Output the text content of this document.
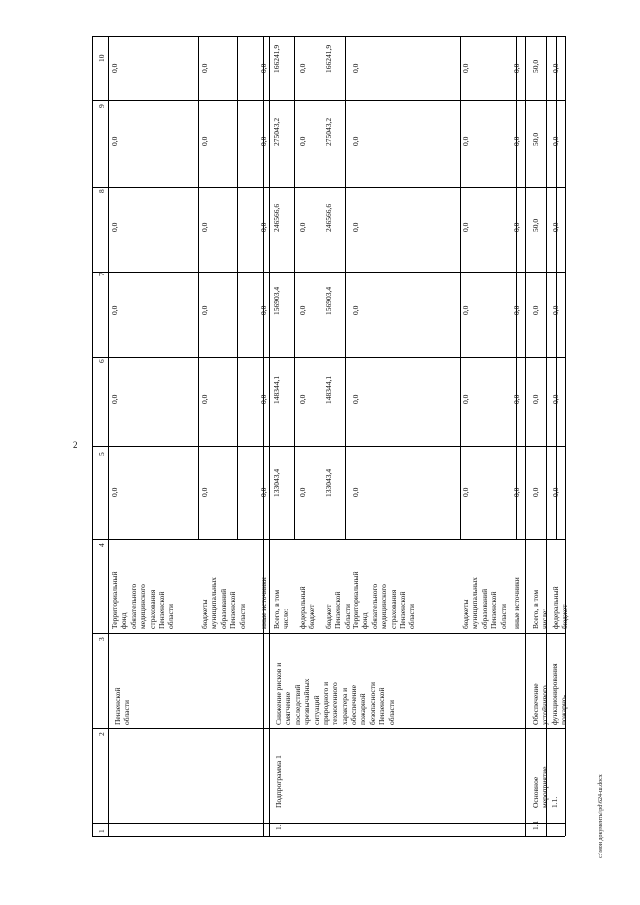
2
c:\мои документы\pd\624-ш.docx
1
2
3
4
5
6
7
8
9
10
Пензенской
области
Территориальный
фонд
обязательного
медицинского
страхования
Пензенской
области	бюджеты
муниципальных
образований
Пензенской
области иные источники
0,0
0,0
0,0
0,0
0,0
0,0
0,0
0,0
0,0
0,0
0,0
0,0
0,0
0,0
0,0
0,0
0,0
0,0
1.
Подпрограмма 1
Снижение рисков и
смягчение
последствий
чрезвычайных
ситуаций
природного и
техногенного
характера и
обеспечение
пожарной
безопасности
Пензенской
области
Всего, в том
числе: федеральный
бюджет бюджет
Пензенской
области Территориальный
фонд
обязательного
медицинского
страхования
Пензенской
области	бюджеты
муниципальных
образований
Пензенской
области иные источники
133043,4
148344,1
156903,4
246566,6
275043,2
166241,9
0,0
0,0
0,0
0,0
0,0
0,0
133043,4
148344,1
156903,4
246566,6
275043,2
166241,9
0,0
0,0
0,0
0,0
0,0
0,0
0,0
0,0
0,0
0,0
0,0
0,0
0,0
0,0
0,0
0,0
0,0
0,0
1.1
Основное
мероприятие
1.1.
Обеспечение
устойчивого
функционирования
пожарно-
Всего, в том
числе: федеральный
бюджет
0,0
0,0
0,0
50,0
50,0
50,0
0,0
0,0
0,0
0,0
0,0
0,0
